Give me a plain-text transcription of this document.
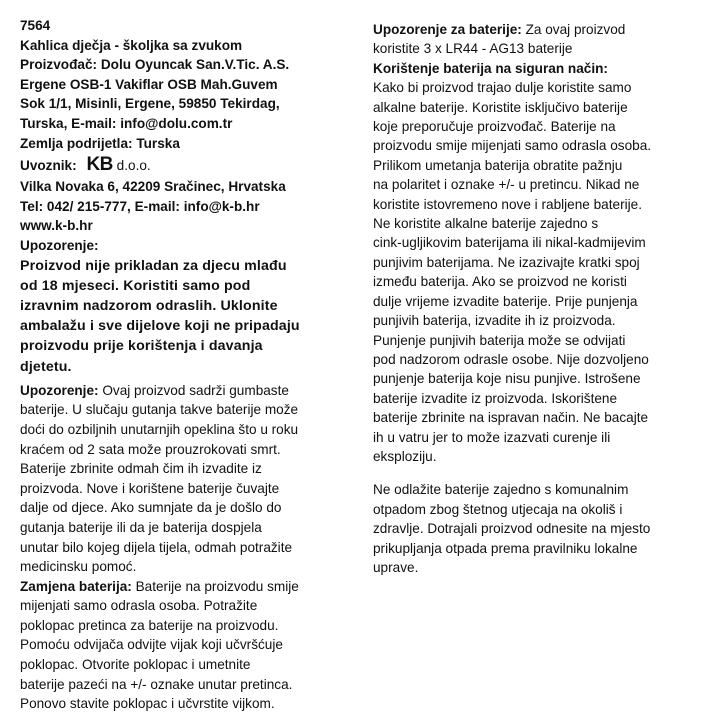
7564
Kahlica dječja - školjka sa zvukom
Proizvođač: Dolu Oyuncak San.V.Tic. A.S.
Ergene OSB-1 Vakiflar OSB Mah.Guvem
Sok 1/1, Misinli, Ergene, 59850 Tekirdag,
Turska, E-mail: info@dolu.com.tr
Zemlja podrijetla: Turska
Uvoznik: KB d.o.o.
Vilka Novaka 6, 42209 Sračinec, Hrvatska
Tel: 042/ 215-777, E-mail: info@k-b.hr
www.k-b.hr
Upozorenje:
Proizvod nije prikladan za djecu mlađu
od 18 mjeseci. Koristiti samo pod
izravnim nadzorom odraslih. Uklonite
ambalažu i sve dijelove koji ne pripadaju
proizvodu prije korištenja i davanja
djetetu.
Upozorenje: Ovaj proizvod sadrži gumbaste
baterije. U slučaju gutanja takve baterije može
doći do ozbiljnih unutarnjih opeklina što u roku
kraćem od 2 sata može prouzrokovati smrt.
Baterije zbrinite odmah čim ih izvadite iz
proizvoda. Nove i korištene baterije čuvajte
dalje od djece. Ako sumnjate da je došlo do
gutanja baterije ili da je baterija dospjela
unutar bilo kojeg dijela tijela, odmah potražite
medicinsku pomoć.
Zamjena baterija: Baterije na proizvodu smije
mijenjati samo odrasla osoba. Potražite
poklopac pretinca za baterije na proizvodu.
Pomoću odvijača odvijte vijak koji učvršćuje
poklopac. Otvorite poklopac i umetnite
baterije pazeći na +/- oznake unutar pretinca.
Ponovo stavite poklopac i učvrstite vijkom.
Upozorenje za baterije: Za ovaj proizvod
koristite 3 x LR44 - AG13 baterije
Korištenje baterija na siguran način:
Kako bi proizvod trajao dulje koristite samo
alkalne baterije. Koristite isključivo baterije
koje preporučuje proizvođač. Baterije na
proizvodu smije mijenjati samo odrasla osoba.
Prilikom umetanja baterija obratite pažnju
na polaritet i oznake +/- u pretincu. Nikad ne
koristite istovremeno nove i rabljene baterije.
Ne koristite alkalne baterije zajedno s
cink-ugljikovim baterijama ili nikal-kadmijevim
punjivim baterijama. Ne izazivajte kratki spoj
između baterija. Ako se proizvod ne koristi
dulje vrijeme izvadite baterije. Prije punjenja
punjivih baterija, izvadite ih iz proizvoda.
Punjenje punjivih baterija može se odvijati
pod nadzorom odrasle osobe. Nije dozvoljeno
punjenje baterija koje nisu punjive. Istrošene
baterije izvadite iz proizvoda. Iskorištene
baterije zbrinite na ispravan način. Ne bacajte
ih u vatru jer to može izazvati curenje ili
eksploziju.
Ne odlažite baterije zajedno s komunalnim
otpadom zbog štetnog utjecaja na okoliš i
zdravlje. Dotrajali proizvod odnesite na mjesto
prikupljanja otpada prema pravilniku lokalne
uprave.
